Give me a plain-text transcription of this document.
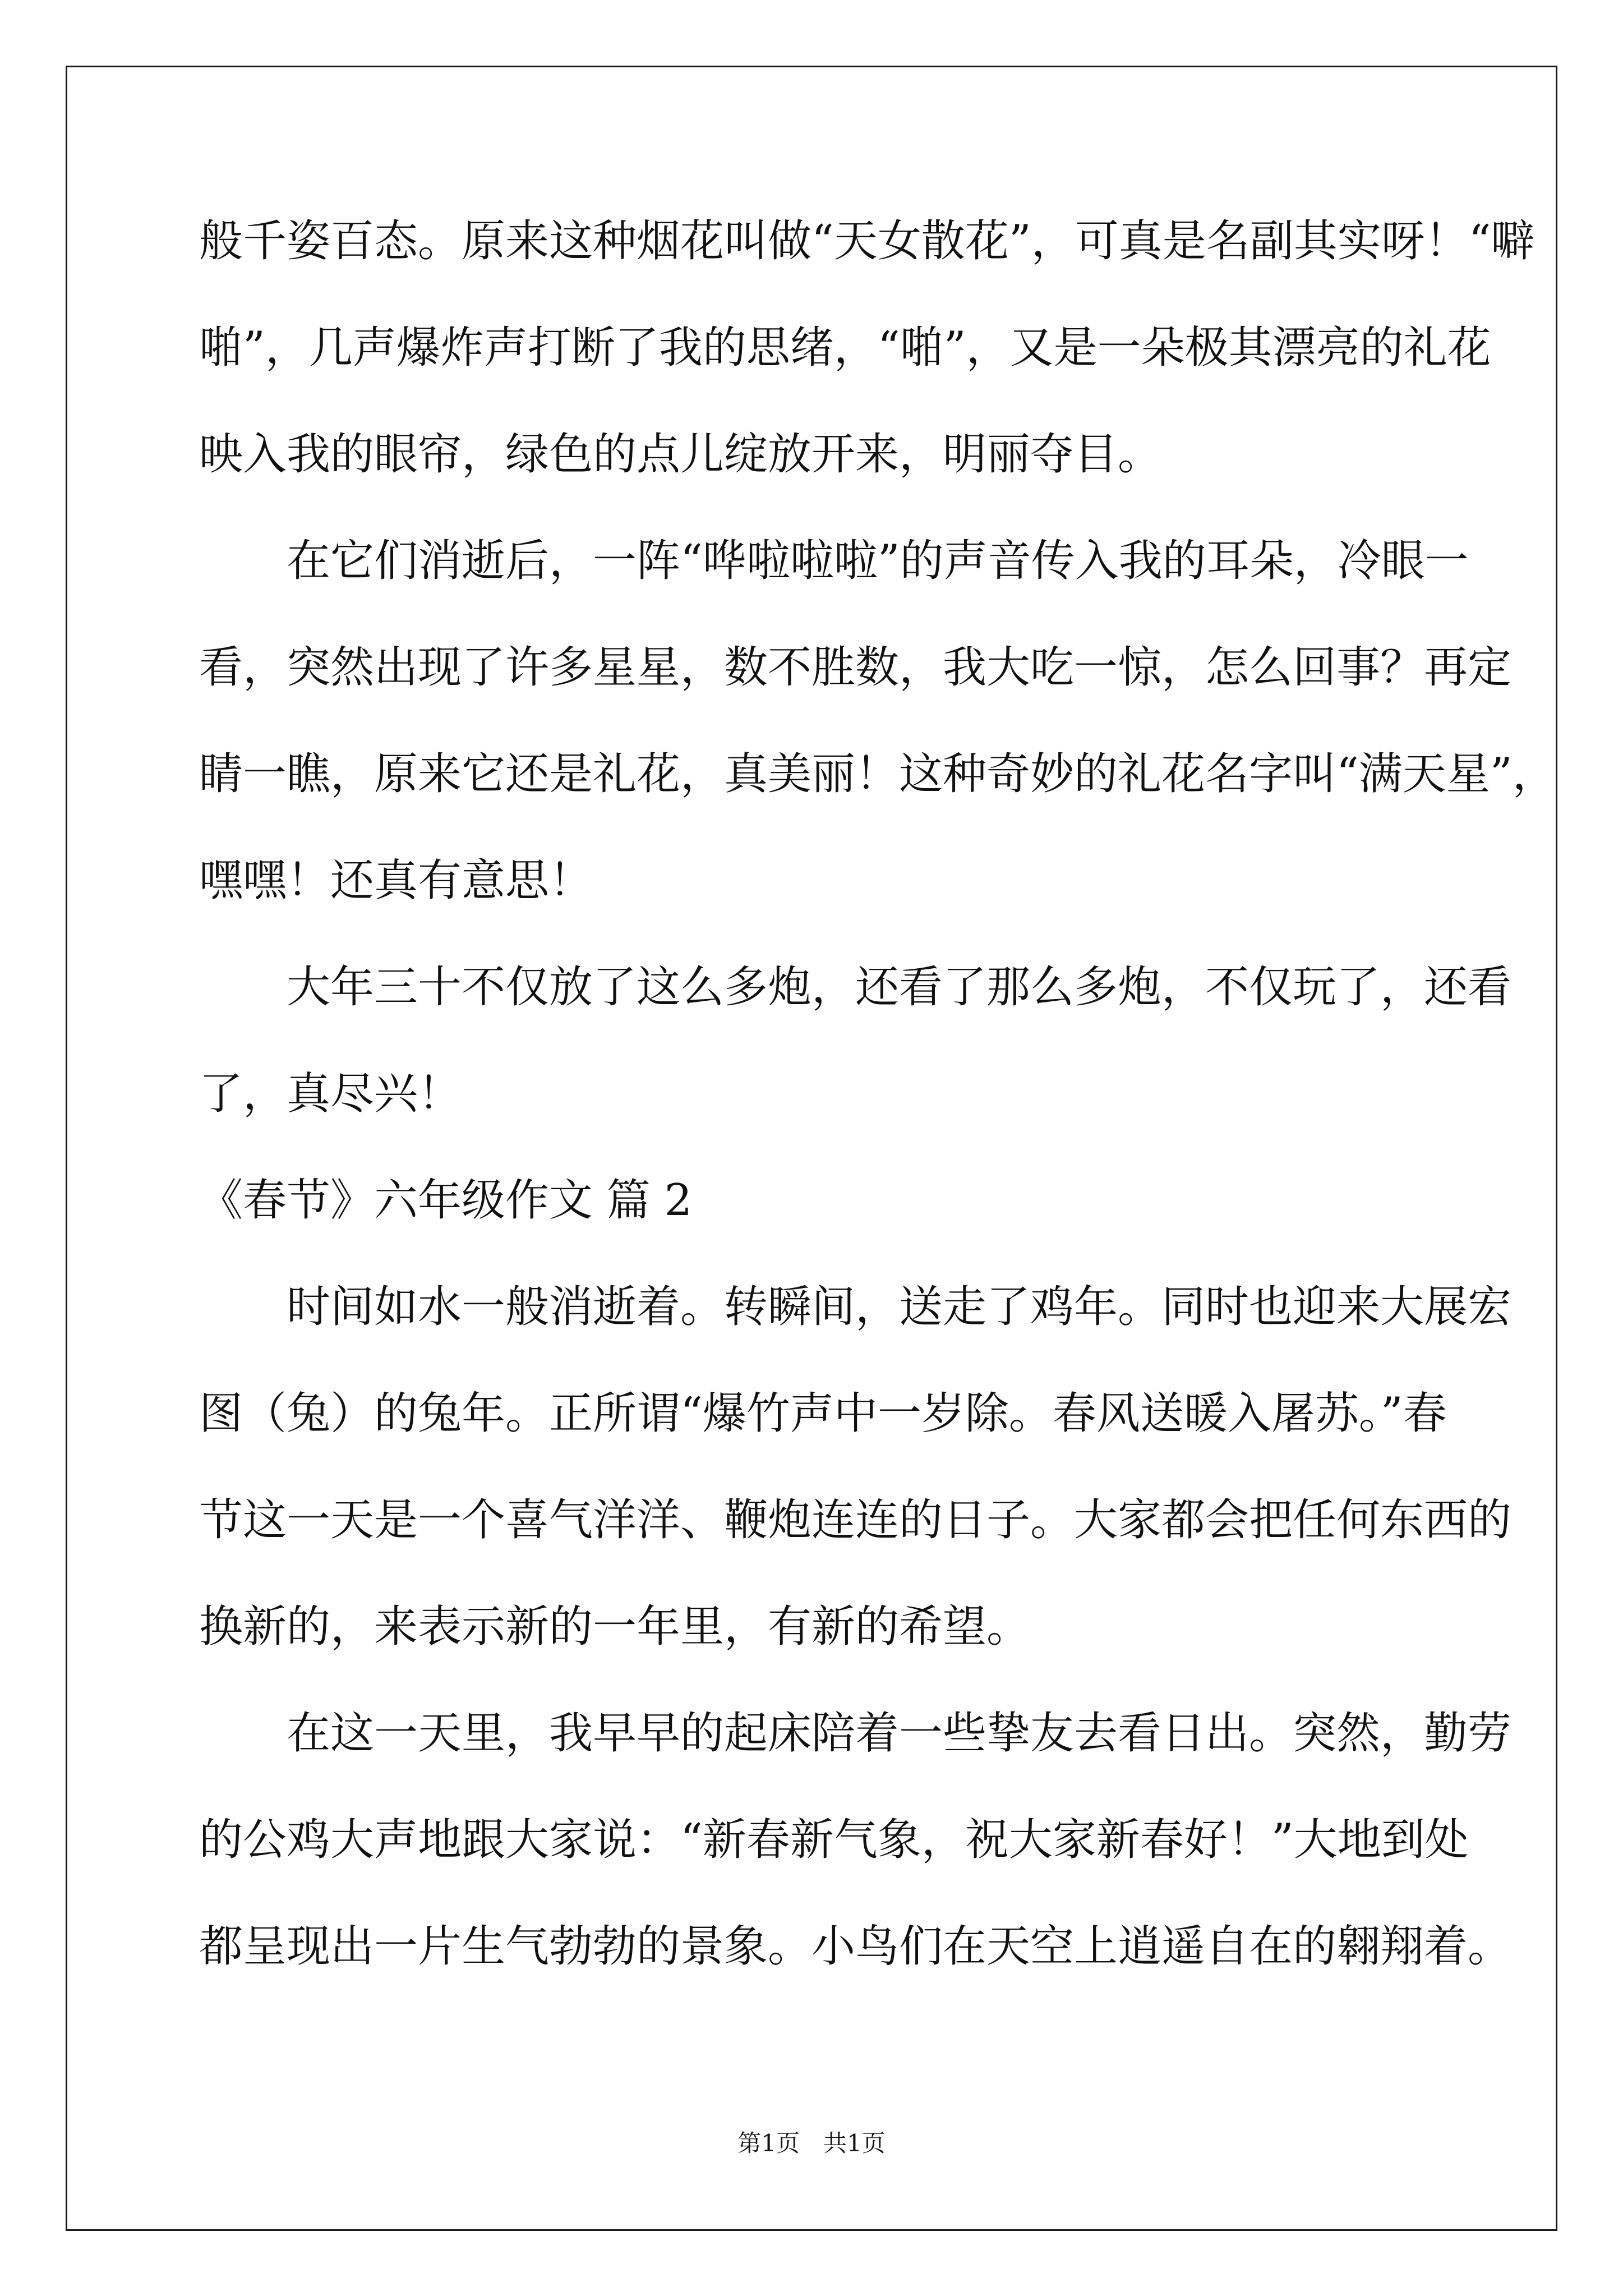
般千姿百态。原来这种烟花叫做“天女散花”，可真是名副其实呀！“噼
啪”，几声爆炸声打断了我的思绪，“啪”，又是一朵极其漂亮的礼花
映入我的眼帘，绿色的点儿绽放开来，明丽夺目。
　　在它们消逝后，一阵“哗啦啦啦”的声音传入我的耳朵，冷眼一
看，突然出现了许多星星，数不胜数，我大吃一惊，怎么回事？再定
睛一瞧，原来它还是礼花，真美丽！这种奇妙的礼花名字叫“满天星”，
嘿嘿！还真有意思！
　　大年三十不仅放了这么多炮，还看了那么多炮，不仅玩了，还看
了，真尽兴！
《春节》六年级作文 篇 2
　　时间如水一般消逝着。转瞬间，送走了鸡年。同时也迎来大展宏
图（兔）的兔年。正所谓“爆竹声中一岁除。春风送暖入屠苏。”春
节这一天是一个喜气洋洋、鞭炮连连的日子。大家都会把任何东西的
换新的，来表示新的一年里，有新的希望。
　　在这一天里，我早早的起床陪着一些挚友去看日出。突然，勤劳
的公鸡大声地跟大家说：“新春新气象，祝大家新春好！”大地到处
都呈现出一片生气勃勃的景象。小鸟们在天空上逍遥自在的翱翔着。
第1页　共1页
